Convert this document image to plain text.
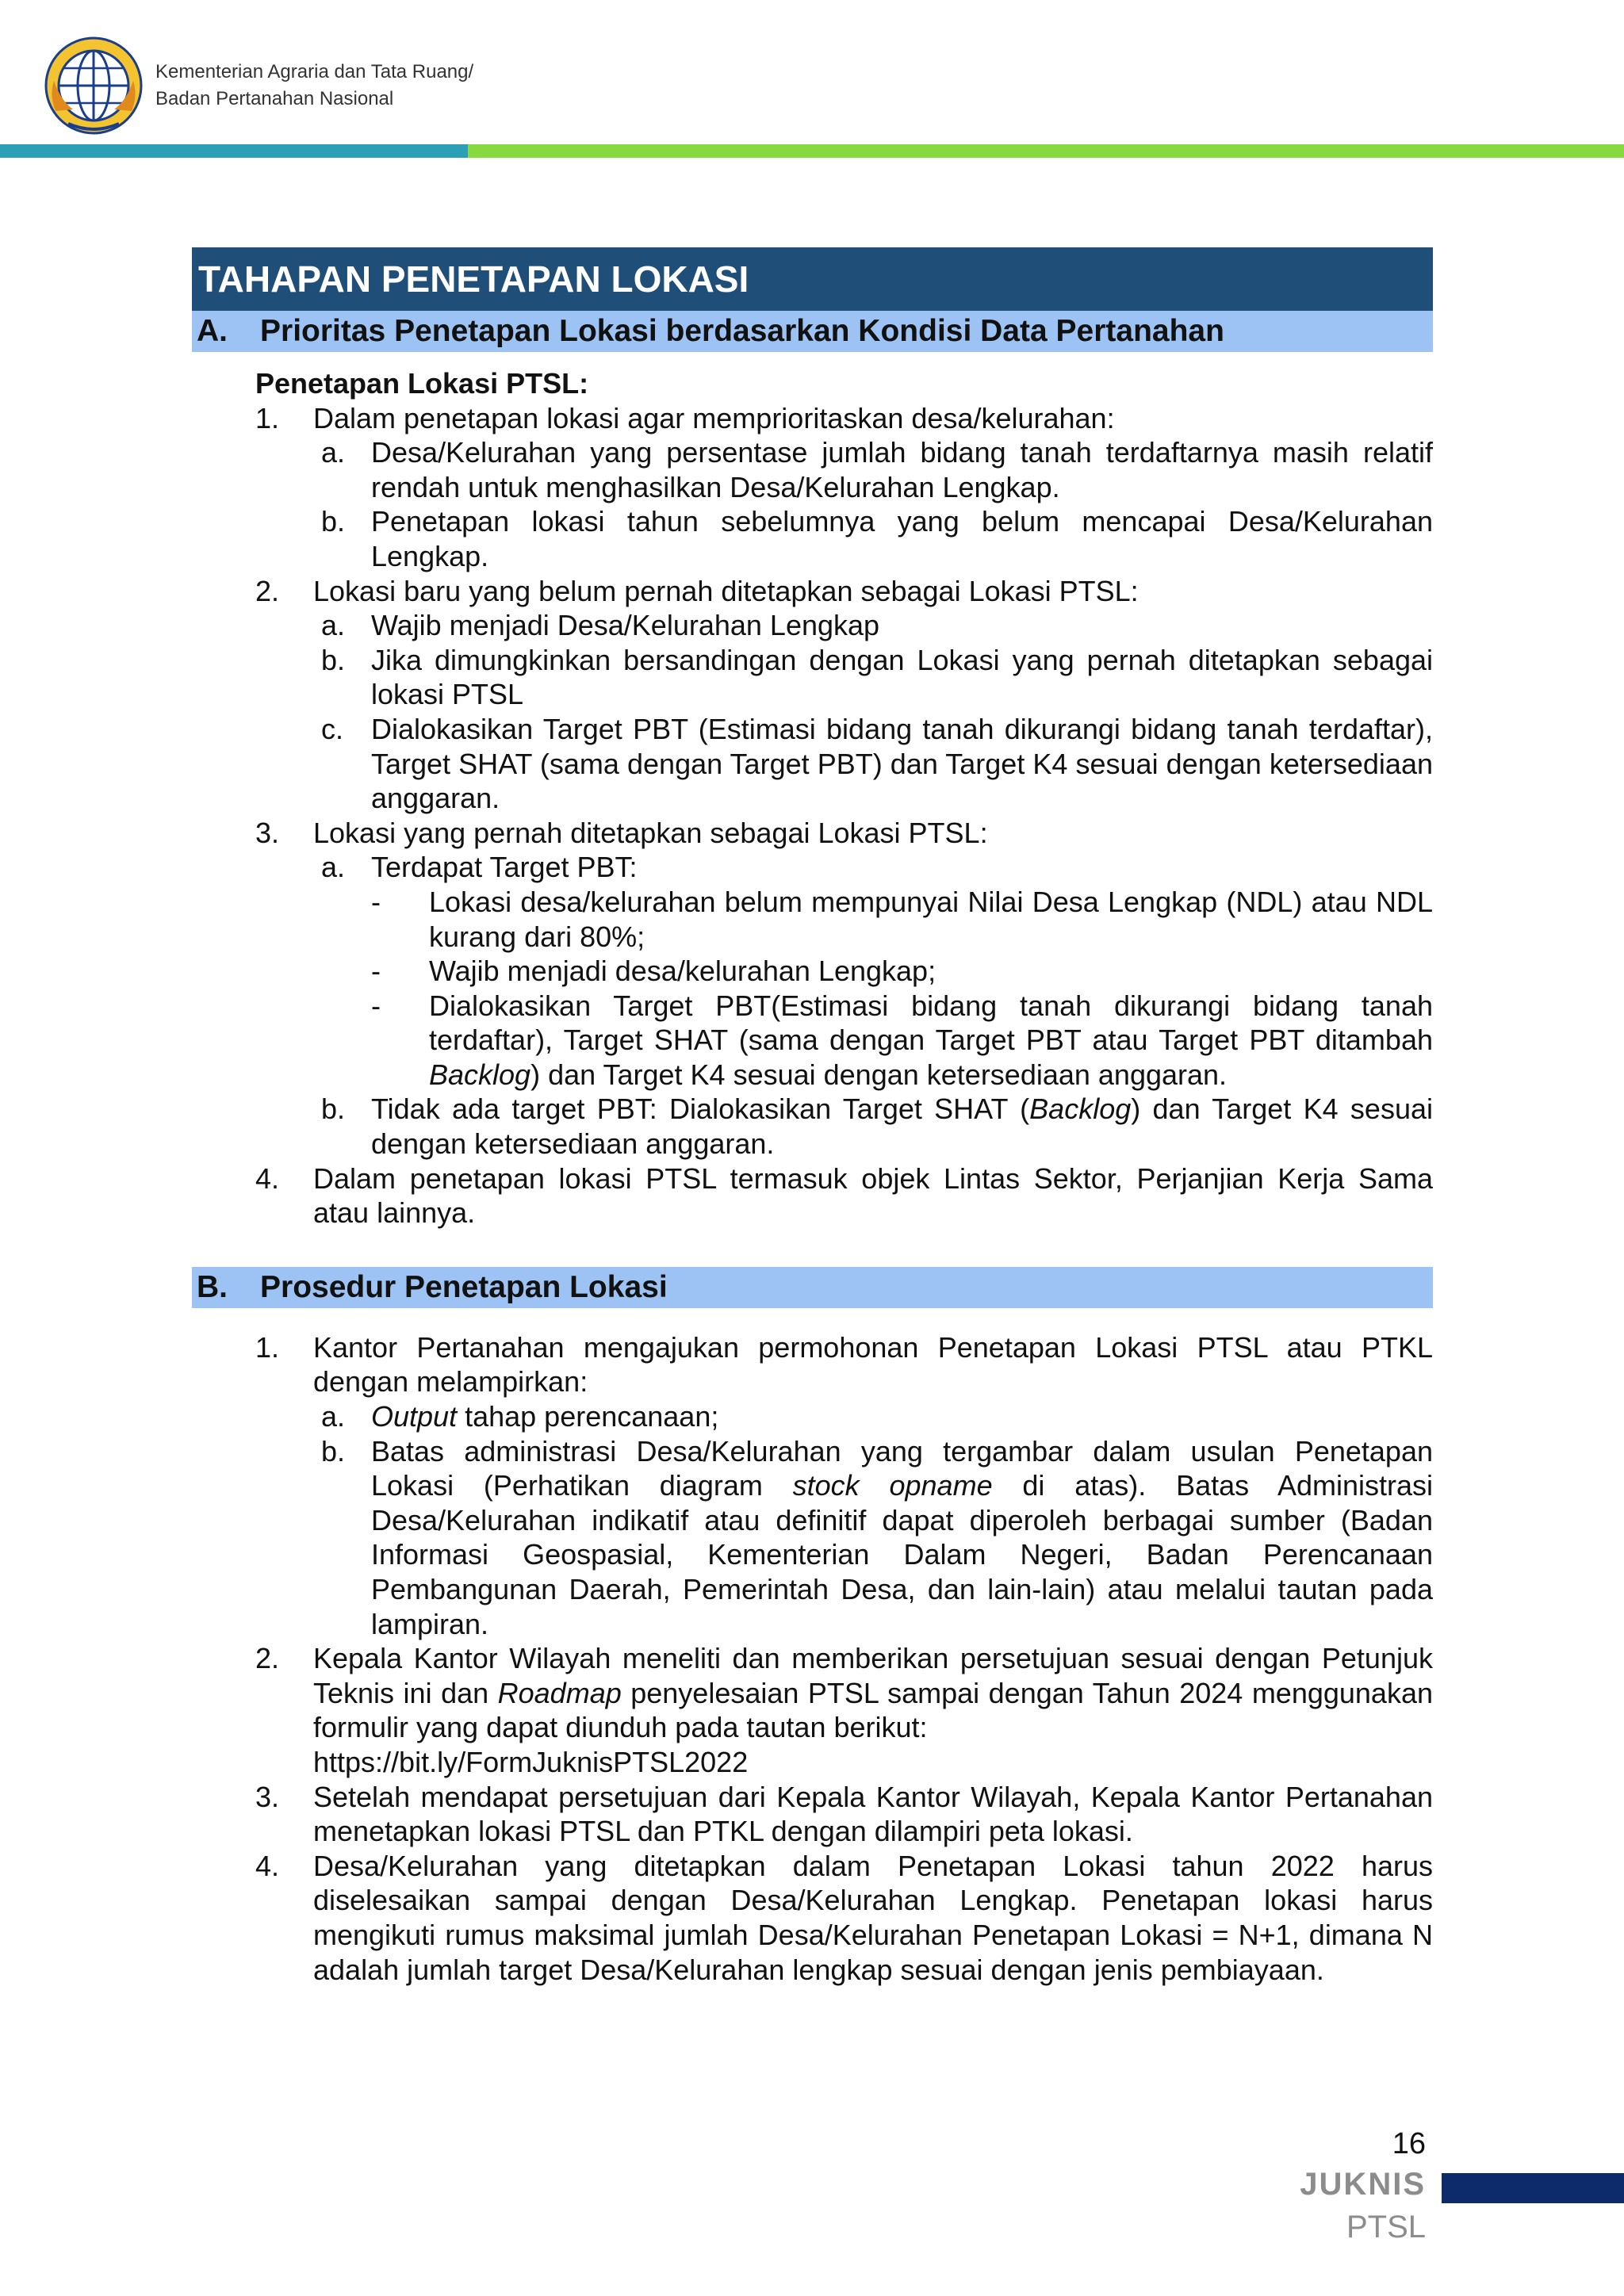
Kementerian Agraria dan Tata Ruang/
Badan Pertanahan Nasional
TAHAPAN PENETAPAN LOKASI
A.	Prioritas Penetapan Lokasi berdasarkan Kondisi Data Pertanahan
Penetapan Lokasi PTSL:
1.	Dalam penetapan lokasi agar memprioritaskan desa/kelurahan:
a. Desa/Kelurahan yang persentase jumlah bidang tanah terdaftarnya masih relatif rendah untuk menghasilkan Desa/Kelurahan Lengkap.
b. Penetapan lokasi tahun sebelumnya yang belum mencapai Desa/Kelurahan Lengkap.
2.	Lokasi baru yang belum pernah ditetapkan sebagai Lokasi PTSL:
a. Wajib menjadi Desa/Kelurahan Lengkap
b. Jika dimungkinkan bersandingan dengan Lokasi yang pernah ditetapkan sebagai lokasi PTSL
c. Dialokasikan Target PBT (Estimasi bidang tanah dikurangi bidang tanah terdaftar), Target SHAT (sama dengan Target PBT) dan Target K4 sesuai dengan ketersediaan anggaran.
3.	Lokasi yang pernah ditetapkan sebagai Lokasi PTSL:
a. Terdapat Target PBT:
-	Lokasi desa/kelurahan belum mempunyai Nilai Desa Lengkap (NDL) atau NDL kurang dari 80%;
-	Wajib menjadi desa/kelurahan Lengkap;
-	Dialokasikan Target PBT(Estimasi bidang tanah dikurangi bidang tanah terdaftar), Target SHAT (sama dengan Target PBT atau Target PBT ditambah Backlog) dan Target K4 sesuai dengan ketersediaan anggaran.
b. Tidak ada target PBT: Dialokasikan Target SHAT (Backlog) dan Target K4 sesuai dengan ketersediaan anggaran.
4.	Dalam penetapan lokasi PTSL termasuk objek Lintas Sektor, Perjanjian Kerja Sama atau lainnya.
B.	Prosedur Penetapan Lokasi
1.	Kantor Pertanahan mengajukan permohonan Penetapan Lokasi PTSL atau PTKL dengan melampirkan:
a. Output tahap perencanaan;
b. Batas administrasi Desa/Kelurahan yang tergambar dalam usulan Penetapan Lokasi (Perhatikan diagram stock opname di atas). Batas Administrasi Desa/Kelurahan indikatif atau definitif dapat diperoleh berbagai sumber (Badan Informasi Geospasial, Kementerian Dalam Negeri, Badan Perencanaan Pembangunan Daerah, Pemerintah Desa, dan lain-lain) atau melalui tautan pada lampiran.
2.	Kepala Kantor Wilayah meneliti dan memberikan persetujuan sesuai dengan Petunjuk Teknis ini dan Roadmap penyelesaian PTSL sampai dengan Tahun 2024 menggunakan formulir yang dapat diunduh pada tautan berikut:
https://bit.ly/FormJuknisPTSL2022
3.	Setelah mendapat persetujuan dari Kepala Kantor Wilayah, Kepala Kantor Pertanahan menetapkan lokasi PTSL dan PTKL dengan dilampiri peta lokasi.
4.	Desa/Kelurahan yang ditetapkan dalam Penetapan Lokasi tahun 2022 harus diselesaikan sampai dengan Desa/Kelurahan Lengkap. Penetapan lokasi harus mengikuti rumus maksimal jumlah Desa/Kelurahan Penetapan Lokasi = N+1, dimana N adalah jumlah target Desa/Kelurahan lengkap sesuai dengan jenis pembiayaan.
16
JUKNIS
PTSL
